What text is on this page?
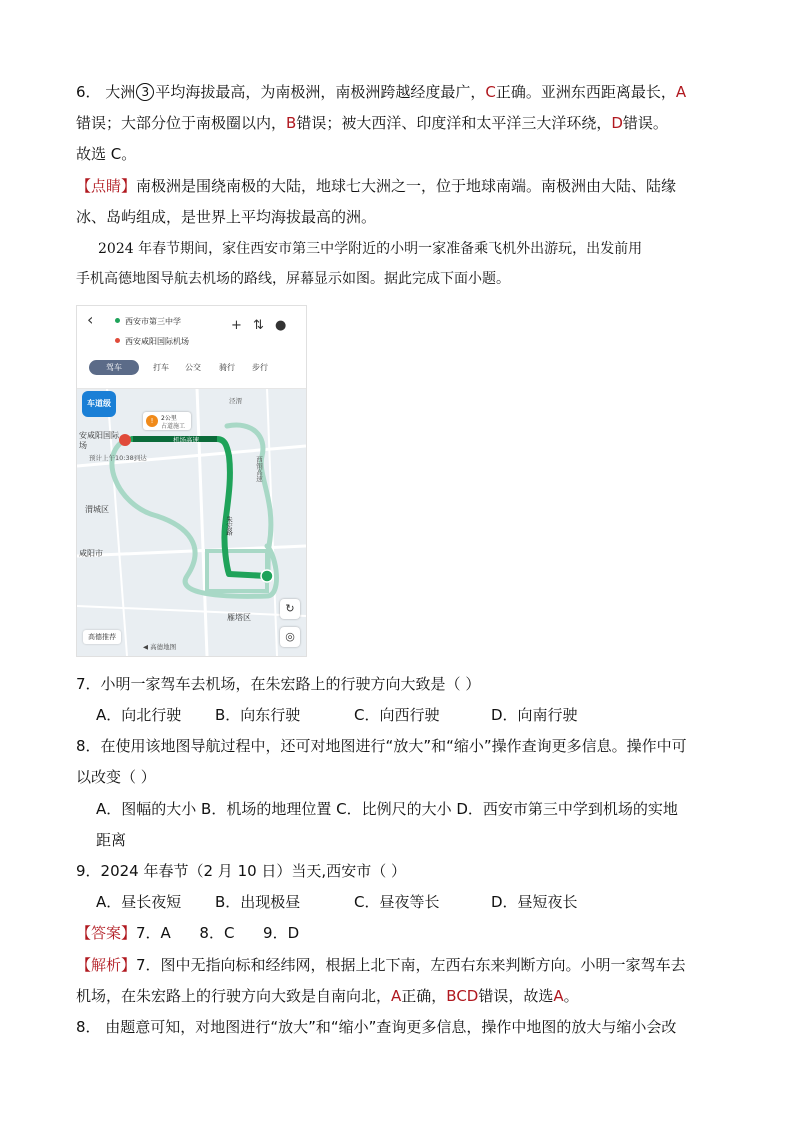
6． 大洲 3 平均海拔最高，为南极洲，南极洲跨越经度最广，C正确。亚洲东西距离最长，A
错误；大部分位于南极圈以内，B错误；被大西洋、印度洋和太平洋三大洋环绕，D错误。
故选 C。
【点睛】南极洲是围绕南极的大陆，地球七大洲之一，位于地球南端。南极洲由大陆、陆缘
冰、岛屿组成，是世界上平均海拔最高的洲。
2024 年春节期间，家住西安市第三中学附近的小明一家准备乘飞机外出游玩，出发前用
手机高德地图导航去机场的路线，屏幕显示如图。据此完成下面小题。
‹	西安市第三中学
西安咸阳国际机场
+ ⇅ ●
驾车	打车 公交 骑行 步行
车道级
!	2公里
占道施工
安咸阳国际
场
预计上午10:38到达
机场高速
渭城区
咸阳市
雁塔区
泾渭
朱宏路
西铜高速
↻
◎
高德推荐
◀ 高德地图
7．小明一家驾车去机场，在朱宏路上的行驶方向大致是（ ）
A．向北行驶 B．向东行驶	C．向西行驶	D．向南行驶
8．在使用该地图导航过程中，还可对地图进行“放大”和“缩小”操作查询更多信息。操作中可
以改变（ ）
A．图幅的大小 B．机场的地理位置 C．比例尺的大小 D．西安市第三中学到机场的实地
距离
9．2024 年春节（2 月 10 日）当天,西安市（ ）
A．昼长夜短 B．出现极昼	C．昼夜等长	D．昼短夜长
【答案】7．A      8．C      9．D
【解析】7．图中无指向标和经纬网，根据上北下南，左西右东来判断方向。小明一家驾车去
机场，在朱宏路上的行驶方向大致是自南向北，A正确，BCD错误，故选A。
8． 由题意可知，对地图进行“放大”和“缩小”查询更多信息，操作中地图的放大与缩小会改
